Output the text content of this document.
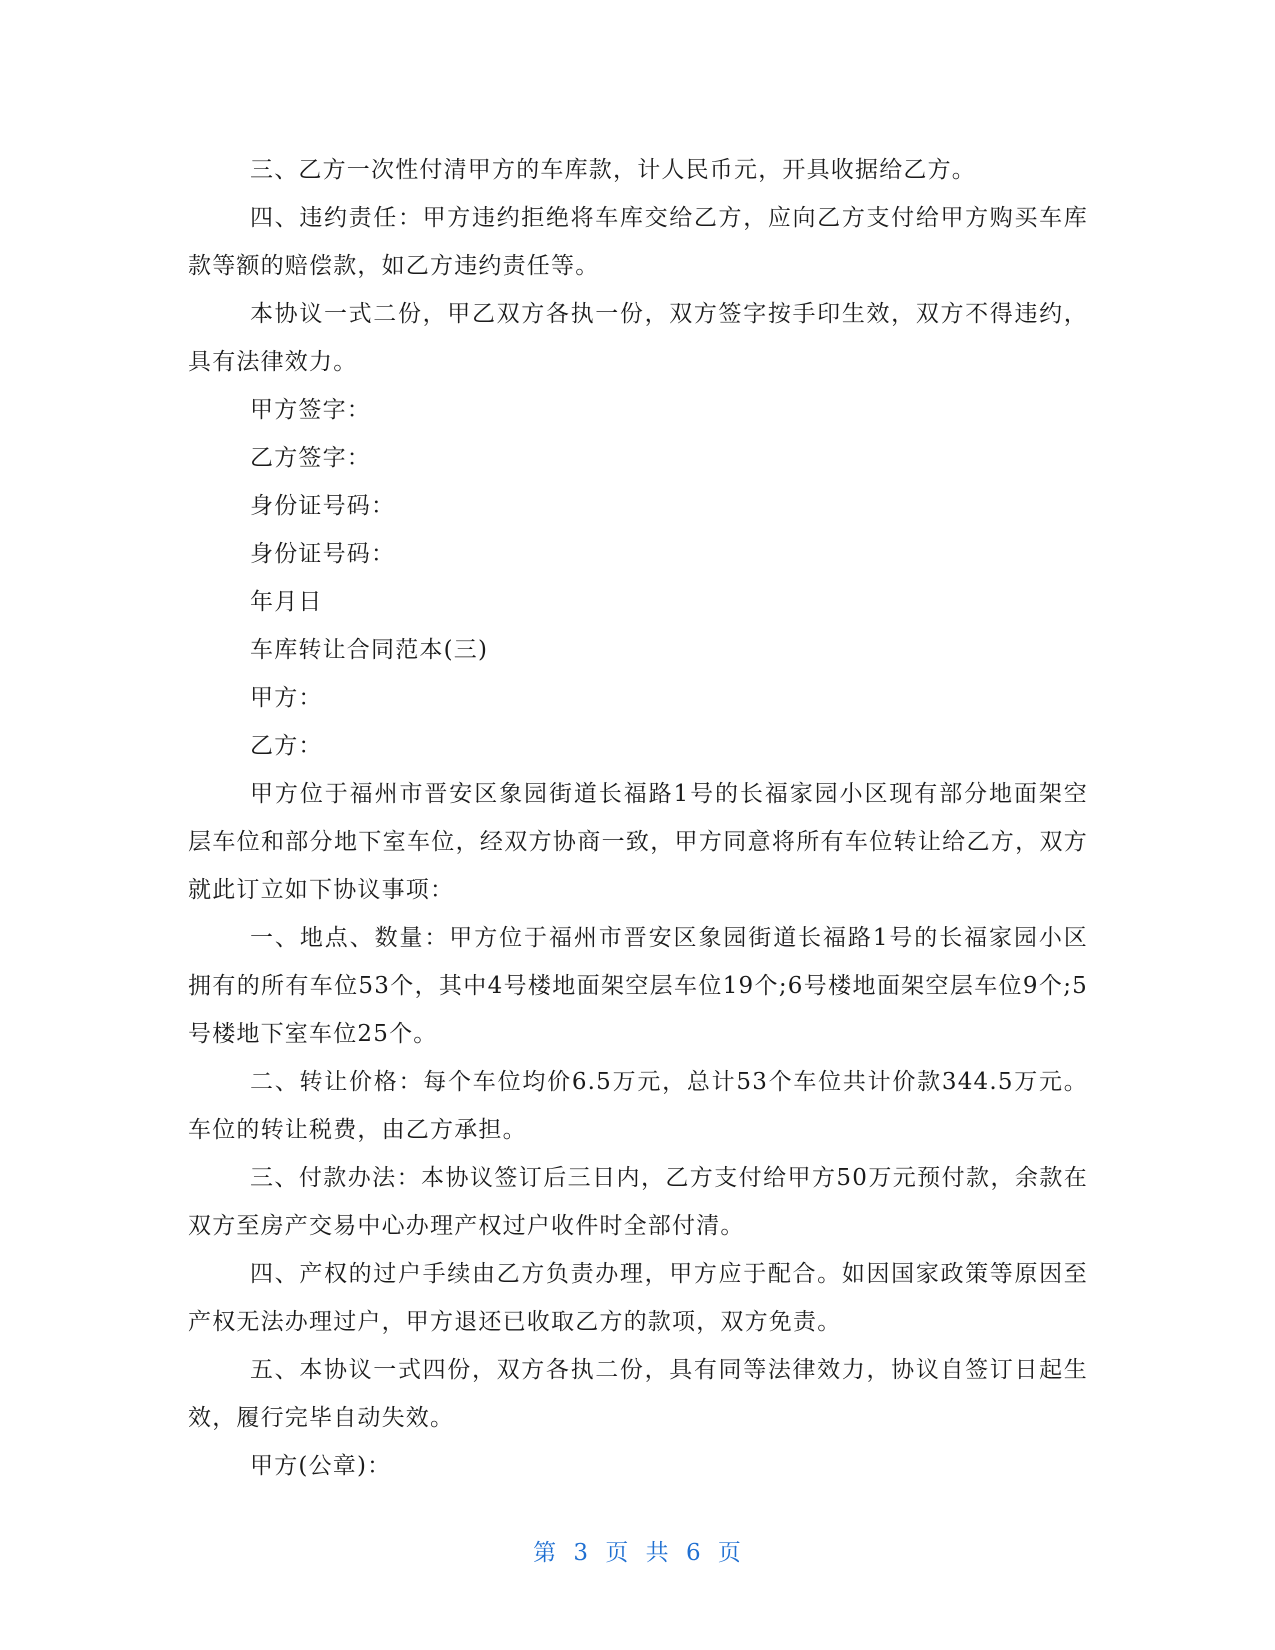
三、乙方一次性付清甲方的车库款，计人民币元，开具收据给乙方。

四、违约责任：甲方违约拒绝将车库交给乙方，应向乙方支付给甲方购买车库款等额的赔偿款，如乙方违约责任等。

本协议一式二份，甲乙双方各执一份，双方签字按手印生效，双方不得违约，具有法律效力。

甲方签字：

乙方签字：

身份证号码：

身份证号码：

年月日

车库转让合同范本(三)

甲方：

乙方：

甲方位于福州市晋安区象园街道长福路1号的长福家园小区现有部分地面架空层车位和部分地下室车位，经双方协商一致，甲方同意将所有车位转让给乙方，双方就此订立如下协议事项：

一、地点、数量：甲方位于福州市晋安区象园街道长福路1号的长福家园小区拥有的所有车位53个，其中4号楼地面架空层车位19个;6号楼地面架空层车位9个;5号楼地下室车位25个。

二、转让价格：每个车位均价6.5万元，总计53个车位共计价款344.5万元。车位的转让税费，由乙方承担。

三、付款办法：本协议签订后三日内，乙方支付给甲方50万元预付款，余款在双方至房产交易中心办理产权过户收件时全部付清。

四、产权的过户手续由乙方负责办理，甲方应于配合。如因国家政策等原因至产权无法办理过户，甲方退还已收取乙方的款项，双方免责。

五、本协议一式四份，双方各执二份，具有同等法律效力，协议自签订日起生效，履行完毕自动失效。

甲方(公章)：

第 3 页 共 6 页
